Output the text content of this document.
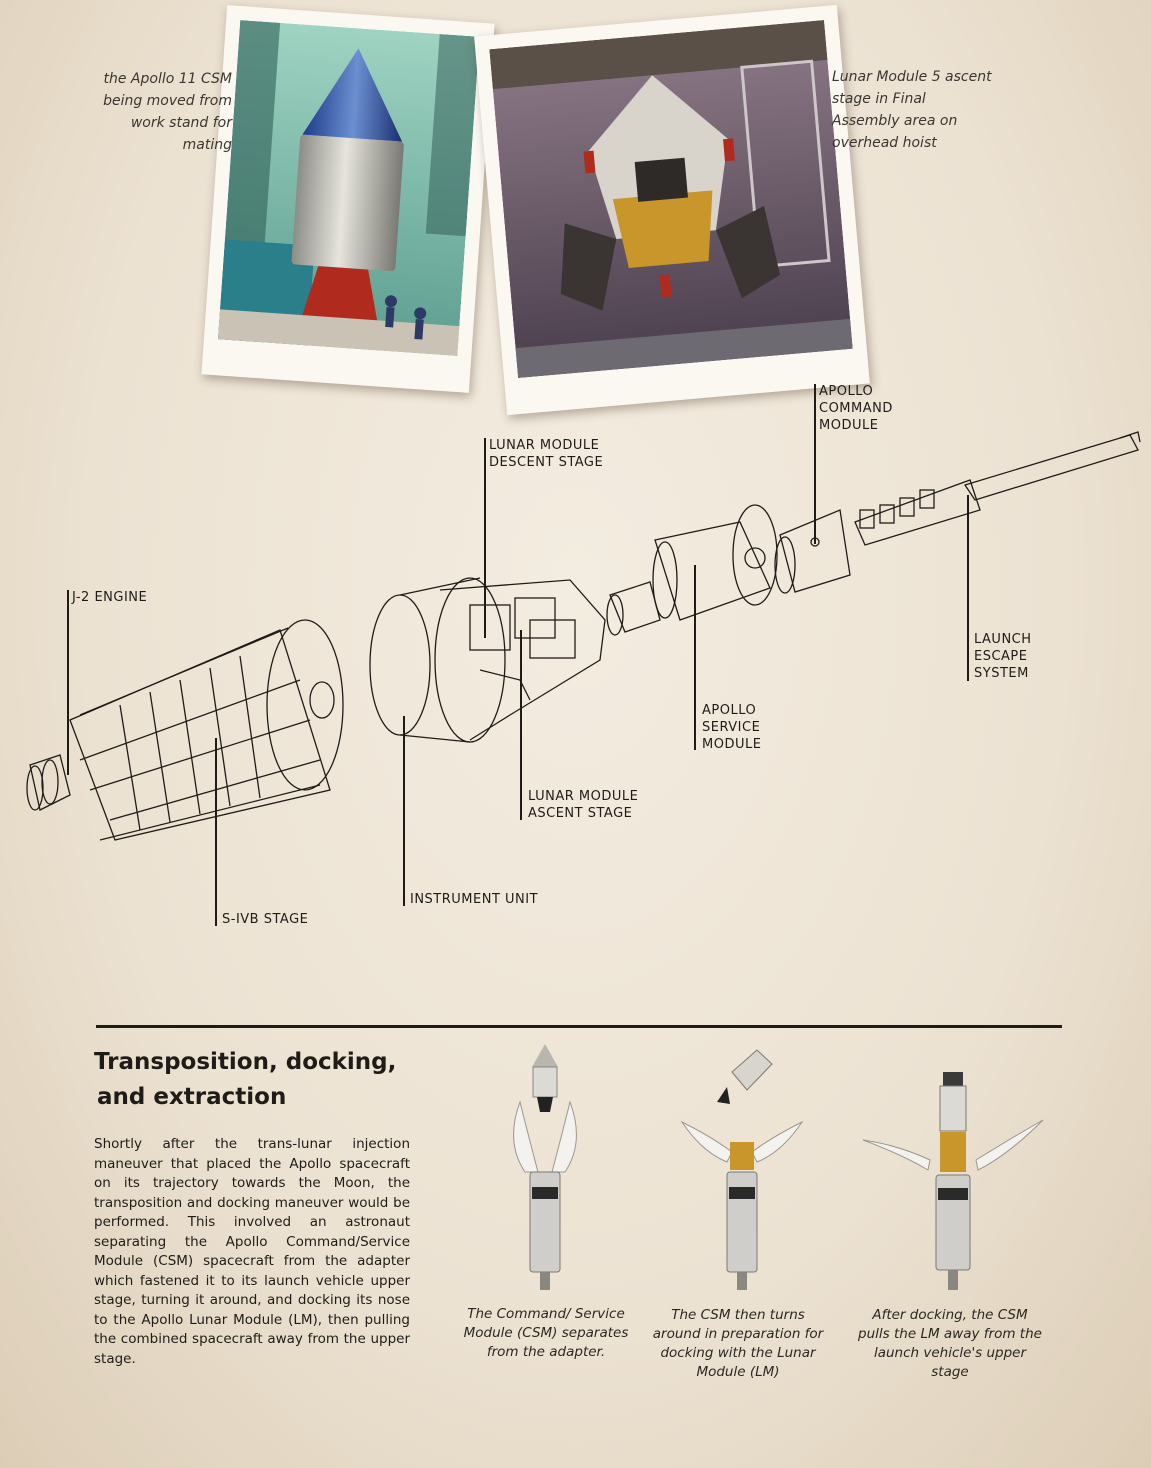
the Apollo 11 CSM being moved from work stand for mating
Lunar Module 5 ascent stage in Final Assembly area on overhead hoist
APOLLO
COMMAND
MODULE
LUNAR MODULE
DESCENT STAGE
J-2 ENGINE
LAUNCH
ESCAPE
SYSTEM
APOLLO
SERVICE
MODULE
LUNAR MODULE
ASCENT STAGE
INSTRUMENT UNIT
S-IVB STAGE
Transposition, docking,
and extraction
Shortly after the trans-lunar injection maneuver that placed the Apollo spacecraft on its trajectory towards the Moon, the transposition and docking maneuver would be performed. This involved an astronaut separating the Apollo Command/Service Module (CSM) spacecraft from the adapter which fastened it to its launch vehicle upper stage, turning it around, and docking its nose to the Apollo Lunar Module (LM), then pulling the combined spacecraft away from the upper stage.
The Command/ Service Module (CSM) separates from the adapter.
The CSM then turns around in preparation for docking with the Lunar Module (LM)
After docking, the CSM pulls the LM away from the launch vehicle's upper stage
